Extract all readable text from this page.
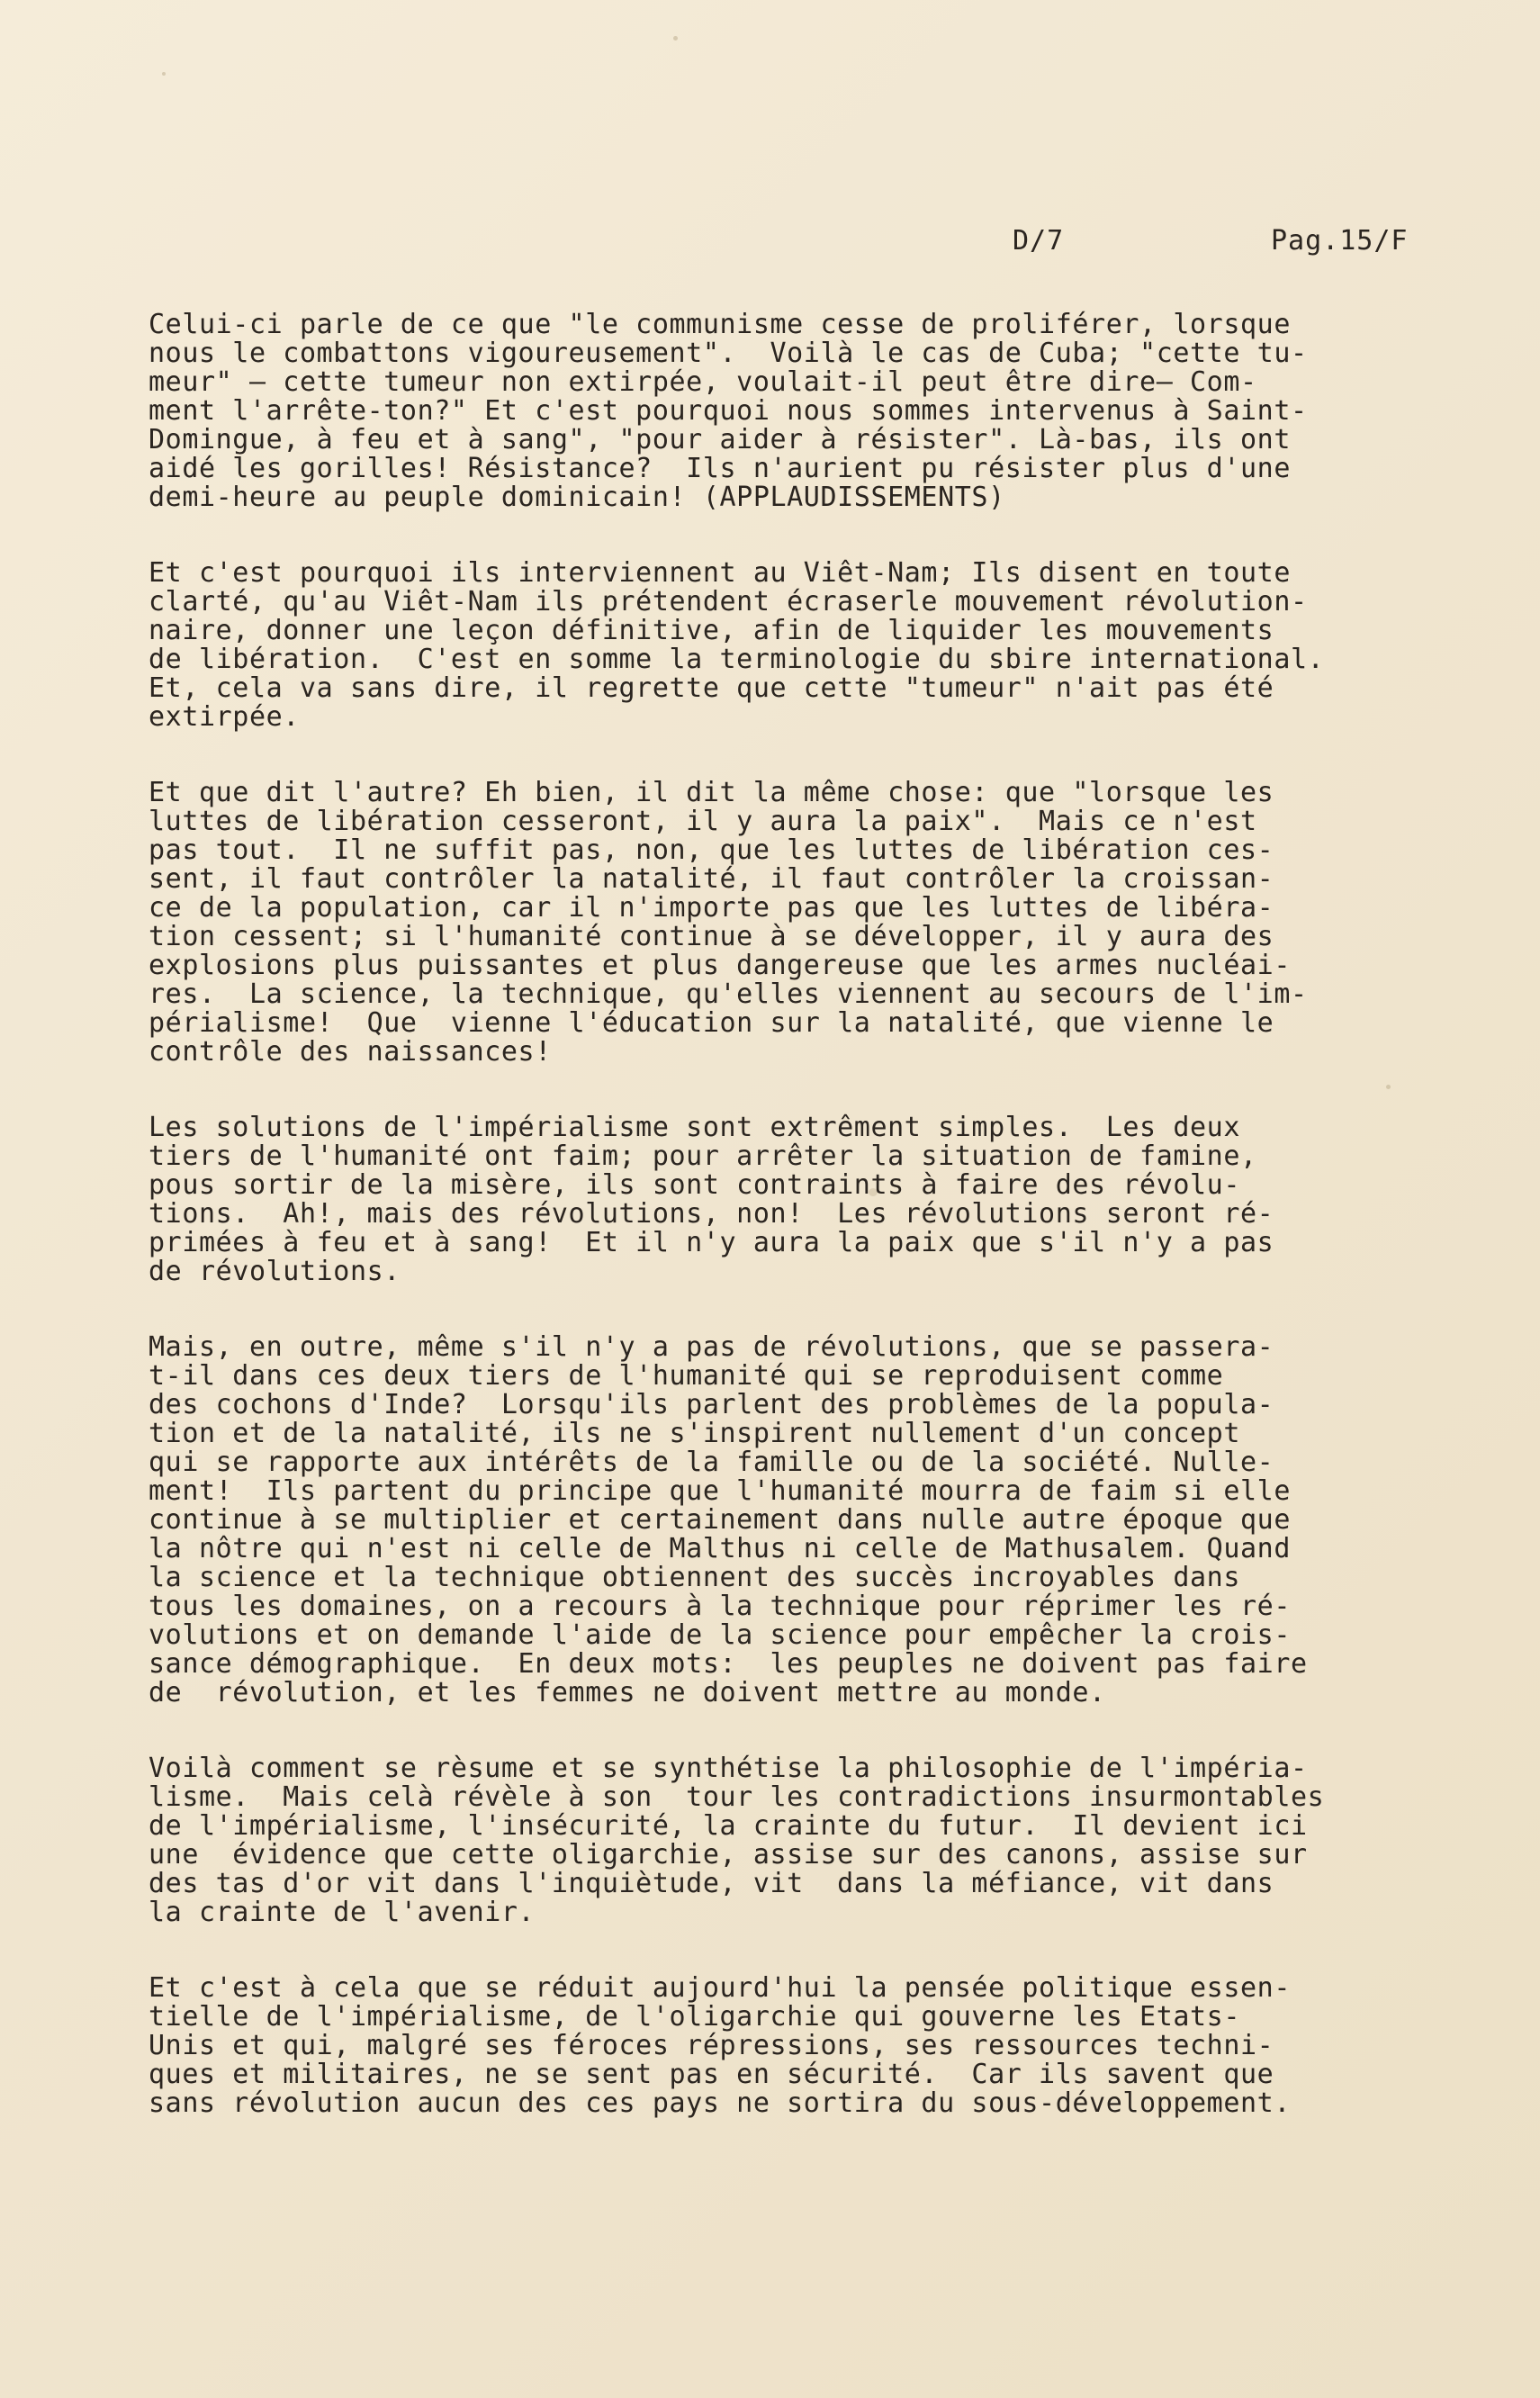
D/7	Pag.15/F
Celui-ci parle de ce que "le communisme cesse de proliférer, lorsque
nous le combattons vigoureusement".  Voilà le cas de Cuba; "cette tu-
meur" — cette tumeur non extirpée, voulait-il peut être dire— Com-
ment l'arrête-ton?" Et c'est pourquoi nous sommes intervenus à Saint-
Domingue, à feu et à sang", "pour aider à résister". Là-bas, ils ont
aidé les gorilles! Résistance?  Ils n'aurient pu résister plus d'une
demi-heure au peuple dominicain! (APPLAUDISSEMENTS)
Et c'est pourquoi ils interviennent au Viêt-Nam; Ils disent en toute
clarté, qu'au Viêt-Nam ils prétendent écraserle mouvement révolution-
naire, donner une leçon définitive, afin de liquider les mouvements
de libération.  C'est en somme la terminologie du sbire international.
Et, cela va sans dire, il regrette que cette "tumeur" n'ait pas été
extirpée.
Et que dit l'autre? Eh bien, il dit la même chose: que "lorsque les
luttes de libération cesseront, il y aura la paix".  Mais ce n'est
pas tout.  Il ne suffit pas, non, que les luttes de libération ces-
sent, il faut contrôler la natalité, il faut contrôler la croissan-
ce de la population, car il n'importe pas que les luttes de libéra-
tion cessent; si l'humanité continue à se développer, il y aura des
explosions plus puissantes et plus dangereuse que les armes nucléai-
res.  La science, la technique, qu'elles viennent au secours de l'im-
périalisme!  Que  vienne l'éducation sur la natalité, que vienne le
contrôle des naissances!
Les solutions de l'impérialisme sont extrêment simples.  Les deux
tiers de l'humanité ont faim; pour arrêter la situation de famine,
pous sortir de la misère, ils sont contraints à faire des révolu-
tions.  Ah!, mais des révolutions, non!  Les révolutions seront ré-
primées à feu et à sang!  Et il n'y aura la paix que s'il n'y a pas
de révolutions.
Mais, en outre, même s'il n'y a pas de révolutions, que se passera-
t-il dans ces deux tiers de l'humanité qui se reproduisent comme
des cochons d'Inde?  Lorsqu'ils parlent des problèmes de la popula-
tion et de la natalité, ils ne s'inspirent nullement d'un concept
qui se rapporte aux intérêts de la famille ou de la société. Nulle-
ment!  Ils partent du principe que l'humanité mourra de faim si elle
continue à se multiplier et certainement dans nulle autre époque que
la nôtre qui n'est ni celle de Malthus ni celle de Mathusalem. Quand
la science et la technique obtiennent des succès incroyables dans
tous les domaines, on a recours à la technique pour réprimer les ré-
volutions et on demande l'aide de la science pour empêcher la crois-
sance démographique.  En deux mots:  les peuples ne doivent pas faire
de  révolution, et les femmes ne doivent mettre au monde.
Voilà comment se rèsume et se synthétise la philosophie de l'impéria-
lisme.  Mais celà révèle à son  tour les contradictions insurmontables
de l'impérialisme, l'insécurité, la crainte du futur.  Il devient ici
une  évidence que cette oligarchie, assise sur des canons, assise sur
des tas d'or vit dans l'inquiètude, vit  dans la méfiance, vit dans
la crainte de l'avenir.
Et c'est à cela que se réduit aujourd'hui la pensée politique essen-
tielle de l'impérialisme, de l'oligarchie qui gouverne les Etats-
Unis et qui, malgré ses féroces répressions, ses ressources techni-
ques et militaires, ne se sent pas en sécurité.  Car ils savent que
sans révolution aucun des ces pays ne sortira du sous-développement.
